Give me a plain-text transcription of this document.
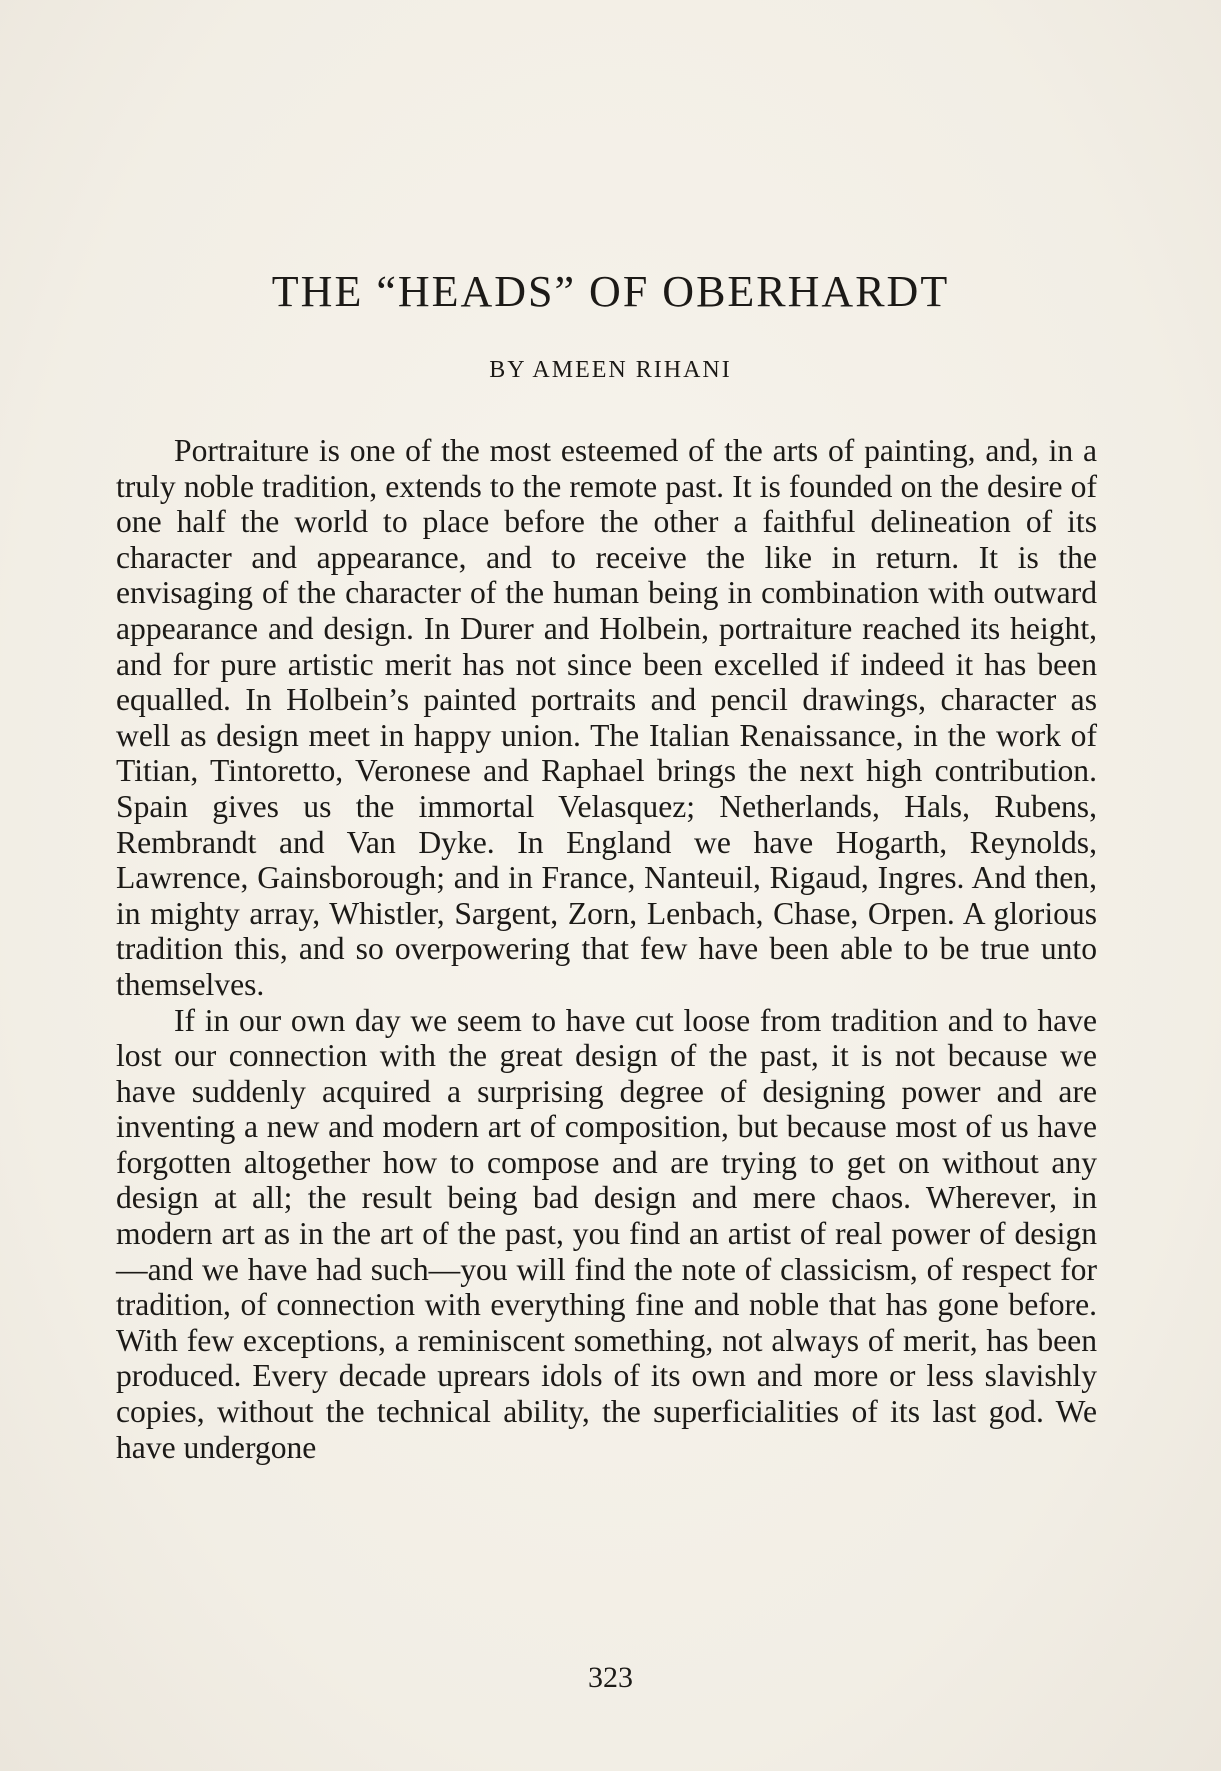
THE “HEADS” OF OBERHARDT
BY AMEEN RIHANI

Portraiture is one of the most esteemed of the arts of painting, and, in a truly noble tradition, extends to the remote past. It is founded on the desire of one half the world to place before the other a faithful delineation of its character and appearance, and to receive the like in return. It is the envisaging of the character of the human being in combination with outward appearance and design. In Durer and Holbein, portraiture reached its height, and for pure artistic merit has not since been excelled if indeed it has been equalled. In Holbein’s painted portraits and pencil drawings, character as well as design meet in happy union. The Italian Renaissance, in the work of Titian, Tintoretto, Veronese and Raphael brings the next high contribution. Spain gives us the immortal Velasquez; Netherlands, Hals, Rubens, Rembrandt and Van Dyke. In England we have Hogarth, Reynolds, Lawrence, Gainsborough; and in France, Nanteuil, Rigaud, Ingres. And then, in mighty array, Whistler, Sargent, Zorn, Lenbach, Chase, Orpen. A glorious tradition this, and so overpowering that few have been able to be true unto themselves.

If in our own day we seem to have cut loose from tradition and to have lost our connection with the great design of the past, it is not because we have suddenly acquired a surprising degree of designing power and are inventing a new and modern art of composition, but because most of us have forgotten altogether how to compose and are trying to get on without any design at all; the result being bad design and mere chaos. Wherever, in modern art as in the art of the past, you find an artist of real power of design—and we have had such—you will find the note of classicism, of respect for tradition, of connection with everything fine and noble that has gone before. With few exceptions, a reminiscent something, not always of merit, has been produced. Every decade uprears idols of its own and more or less slavishly copies, without the technical ability, the superficialities of its last god. We have undergone

323
